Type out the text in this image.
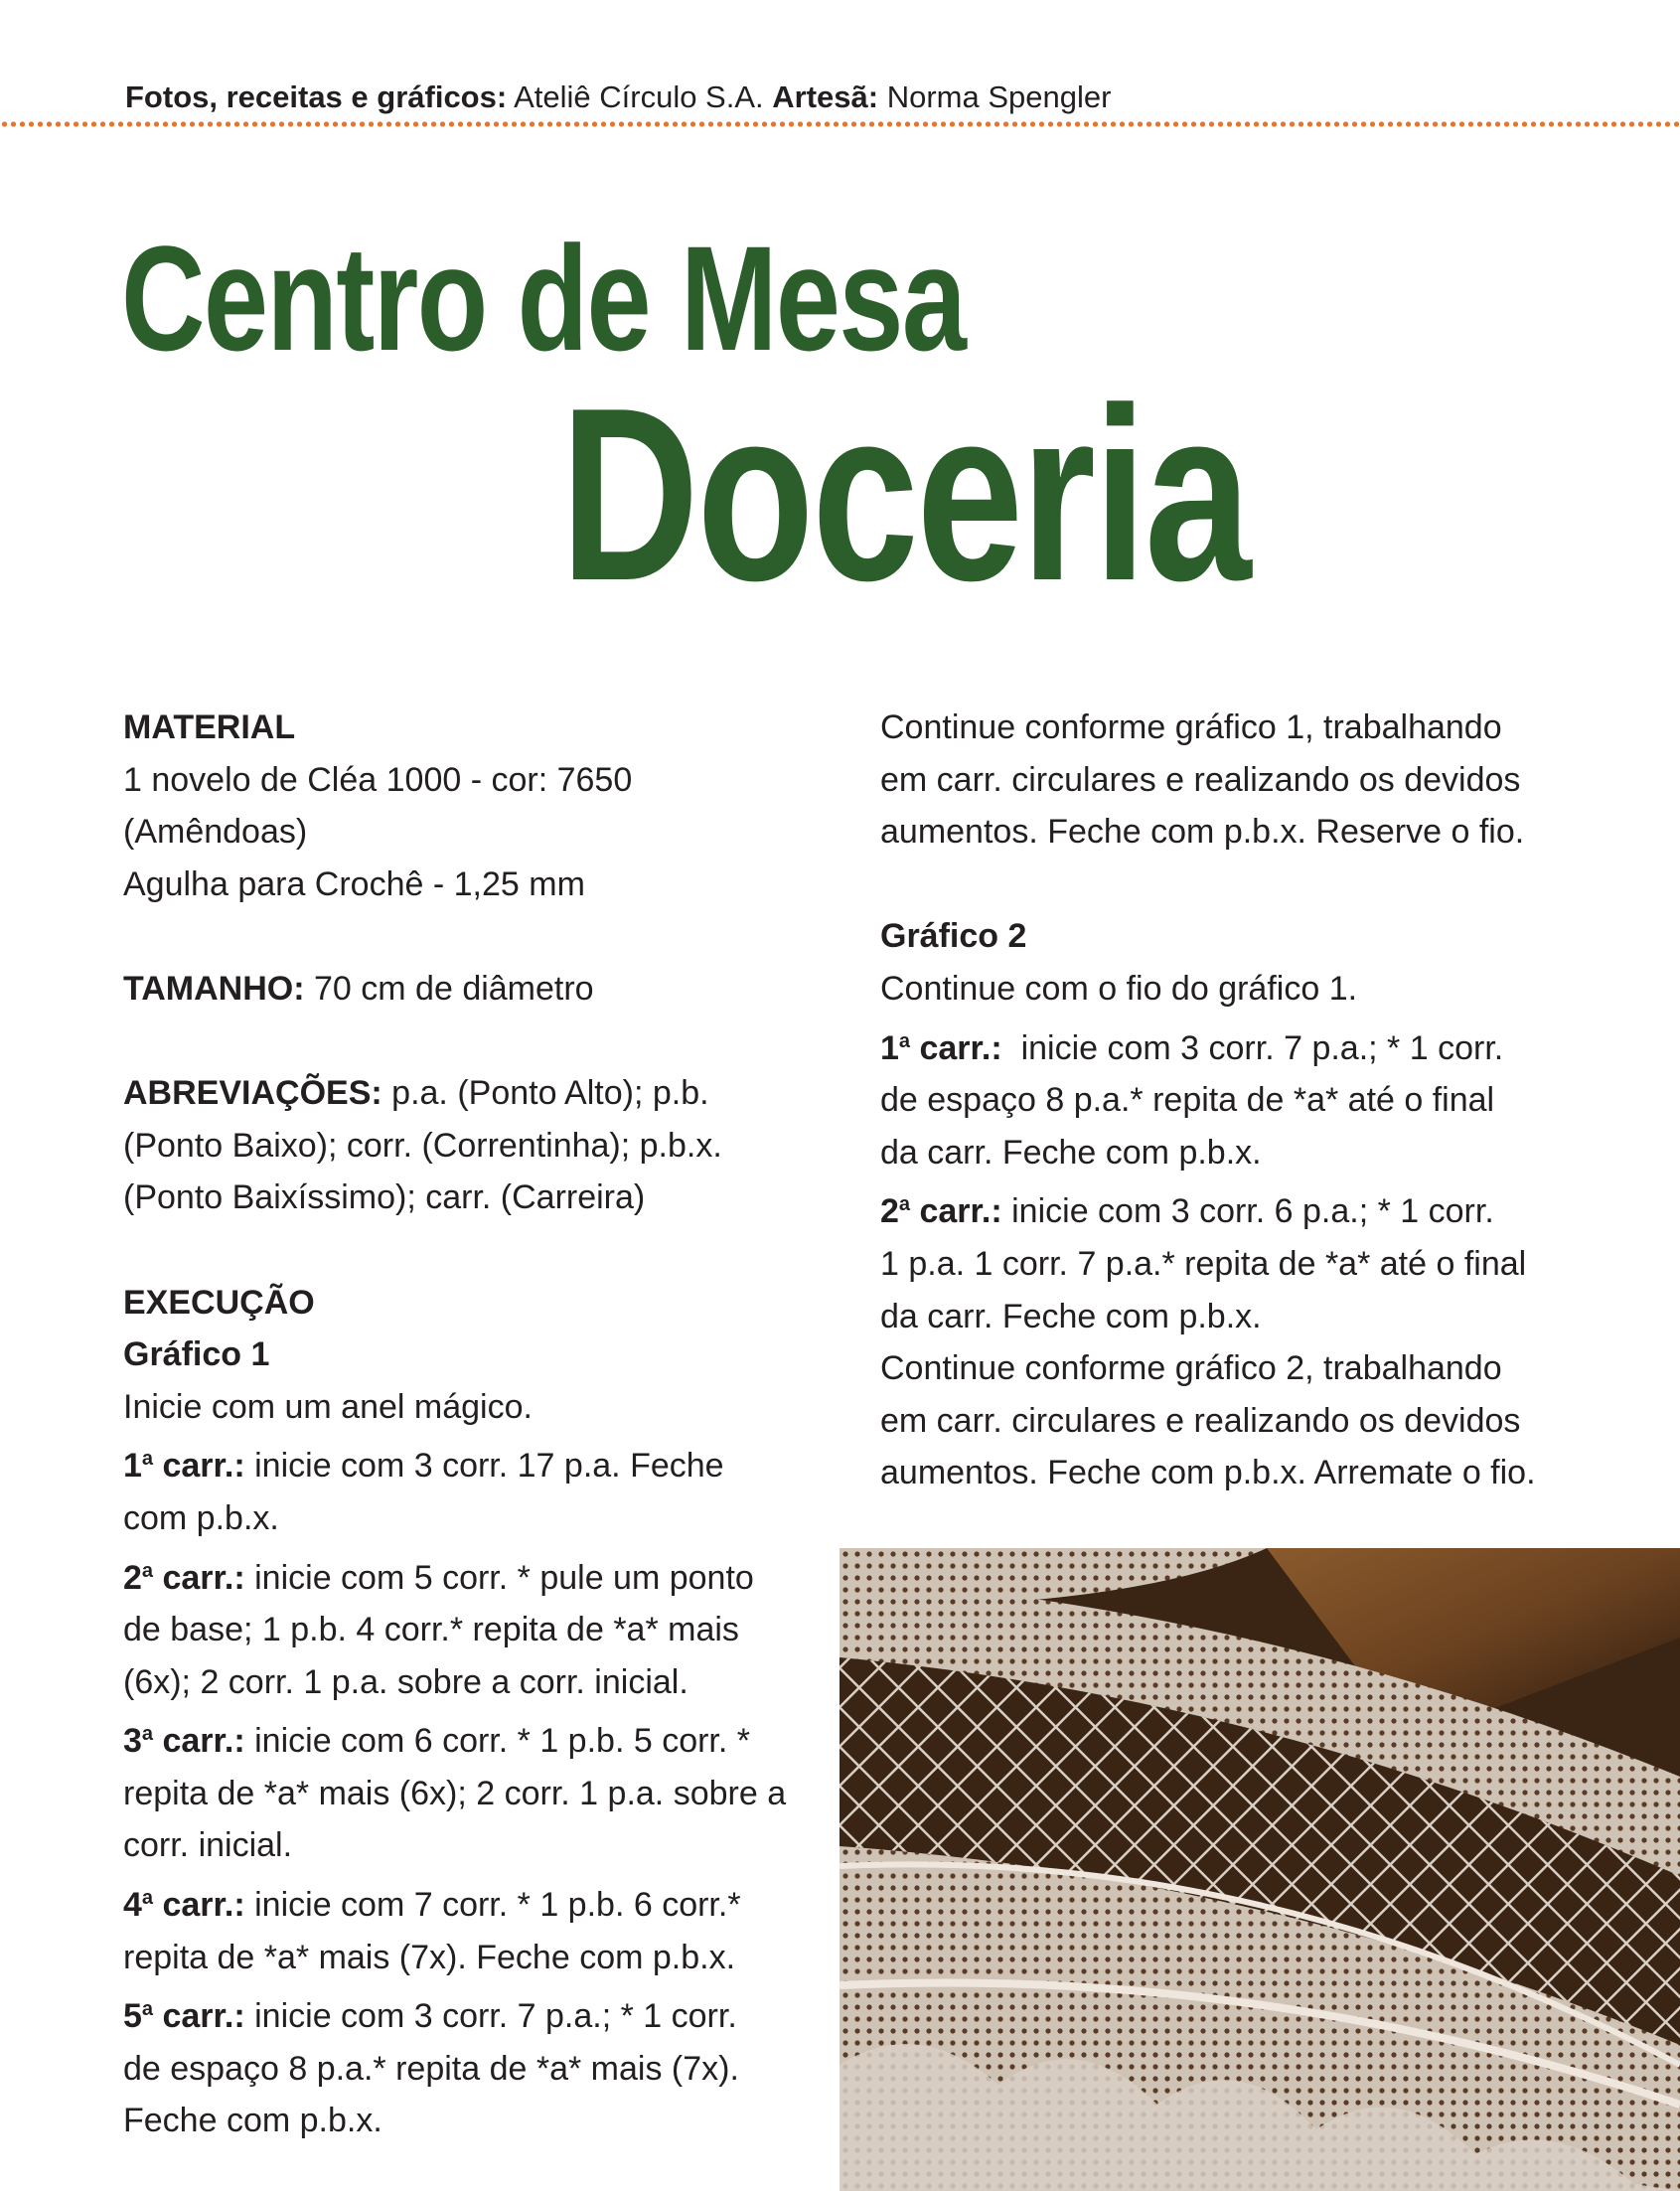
Fotos, receitas e gráficos: Ateliê Círculo S.A. Artesã: Norma Spengler
Centro de Mesa
Doceria

MATERIAL

1 novelo de Cléa 1000 - cor: 7650

(Amêndoas)

Agulha para Crochê - 1,25 mm

TAMANHO: 70 cm de diâmetro

ABREVIAÇÕES: p.a. (Ponto Alto); p.b.

(Ponto Baixo); corr. (Correntinha); p.b.x.

(Ponto Baixíssimo); carr. (Carreira)

EXECUÇÃO

Gráfico 1

Inicie com um anel mágico.

1$^a$ carr.: inicie com 3 corr. 17 p.a. Feche

com p.b.x.

2$^a$ carr.: inicie com 5 corr. * pule um ponto

de base; 1 p.b. 4 corr.* repita de *a* mais

(6x); 2 corr. 1 p.a. sobre a corr. inicial.

3$^a$ carr.: inicie com 6 corr. * 1 p.b. 5 corr. *

repita de *a* mais (6x); 2 corr. 1 p.a. sobre a

corr. inicial.

4$^a$ carr.: inicie com 7 corr. * 1 p.b. 6 corr.*

repita de *a* mais (7x). Feche com p.b.x.

5$^a$ carr.: inicie com 3 corr. 7 p.a.; * 1 corr.

de espaço 8 p.a.* repita de *a* mais (7x).

Feche com p.b.x.

Continue conforme gráfico 1, trabalhando

em carr. circulares e realizando os devidos

aumentos. Feche com p.b.x. Reserve o fio.

Gráfico 2

Continue com o fio do gráfico 1.

1$^a$ carr.:  inicie com 3 corr. 7 p.a.; * 1 corr.

de espaço 8 p.a.* repita de *a* até o final

da carr. Feche com p.b.x.

2$^a$ carr.: inicie com 3 corr. 6 p.a.; * 1 corr.

1 p.a. 1 corr. 7 p.a.* repita de *a* até o final

da carr. Feche com p.b.x.

Continue conforme gráfico 2, trabalhando

em carr. circulares e realizando os devidos

aumentos. Feche com p.b.x. Arremate o fio.
